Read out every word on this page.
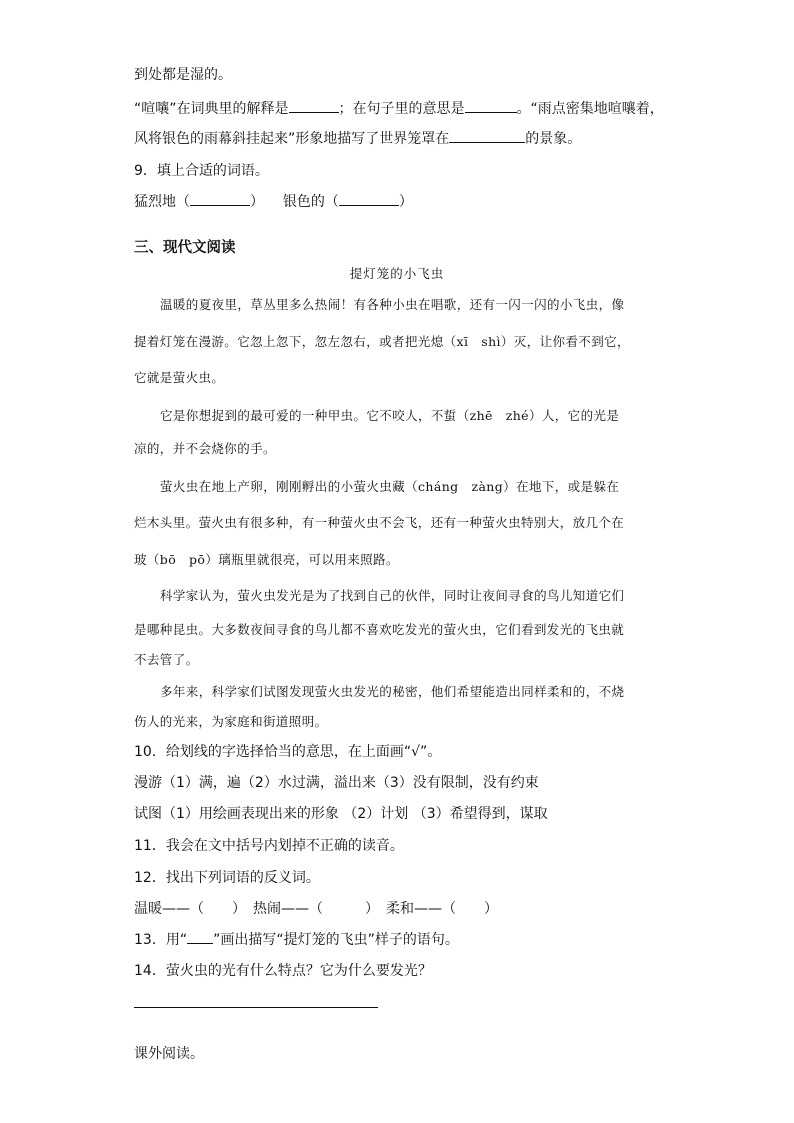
到处都是湿的。
“喧嚷”在词典里的解释是	；在句子里的意思是	。“雨点密集地喧嚷着，
风将银色的雨幕斜挂起来”形象地描写了世界笼罩在	的景象。
9．填上合适的词语。
猛烈地（	） 银色的（	）
三、现代文阅读
提灯笼的小飞虫
温暖的夏夜里，草丛里多么热闹！有各种小虫在唱歌，还有一闪一闪的小飞虫，像
提着灯笼在漫游。它忽上忽下，忽左忽右，或者把光熄（xī　shì）灭，让你看不到它，
它就是萤火虫。
它是你想捉到的最可爱的一种甲虫。它不咬人，不蜇（zhē　zhé）人，它的光是
凉的，并不会烧你的手。
萤火虫在地上产卵，刚刚孵出的小萤火虫藏（cháng　zàng）在地下，或是躲在
烂木头里。萤火虫有很多种，有一种萤火虫不会飞，还有一种萤火虫特别大，放几个在
玻（bō　pō）璃瓶里就很亮，可以用来照路。
科学家认为，萤火虫发光是为了找到自己的伙伴，同时让夜间寻食的鸟儿知道它们
是哪种昆虫。大多数夜间寻食的鸟儿都不喜欢吃发光的萤火虫，它们看到发光的飞虫就
不去管了。
多年来，科学家们试图发现萤火虫发光的秘密，他们希望能造出同样柔和的，不烧
伤人的光来，为家庭和街道照明。
10．给划线的字选择恰当的意思，在上面画“√”。
漫游（1）满，遍（2）水过满，溢出来（3）没有限制，没有约束
试图（1）用绘画表现出来的形象 （2）计划 （3）希望得到，谋取
11．我会在文中括号内划掉不正确的读音。
12．找出下列词语的反义词。
温暖——（　　）　热闹——（　　　）　柔和——（　　）
13．用“ ”画出描写“提灯笼的飞虫”样子的语句。
14．萤火虫的光有什么特点？它为什么要发光？
课外阅读。
